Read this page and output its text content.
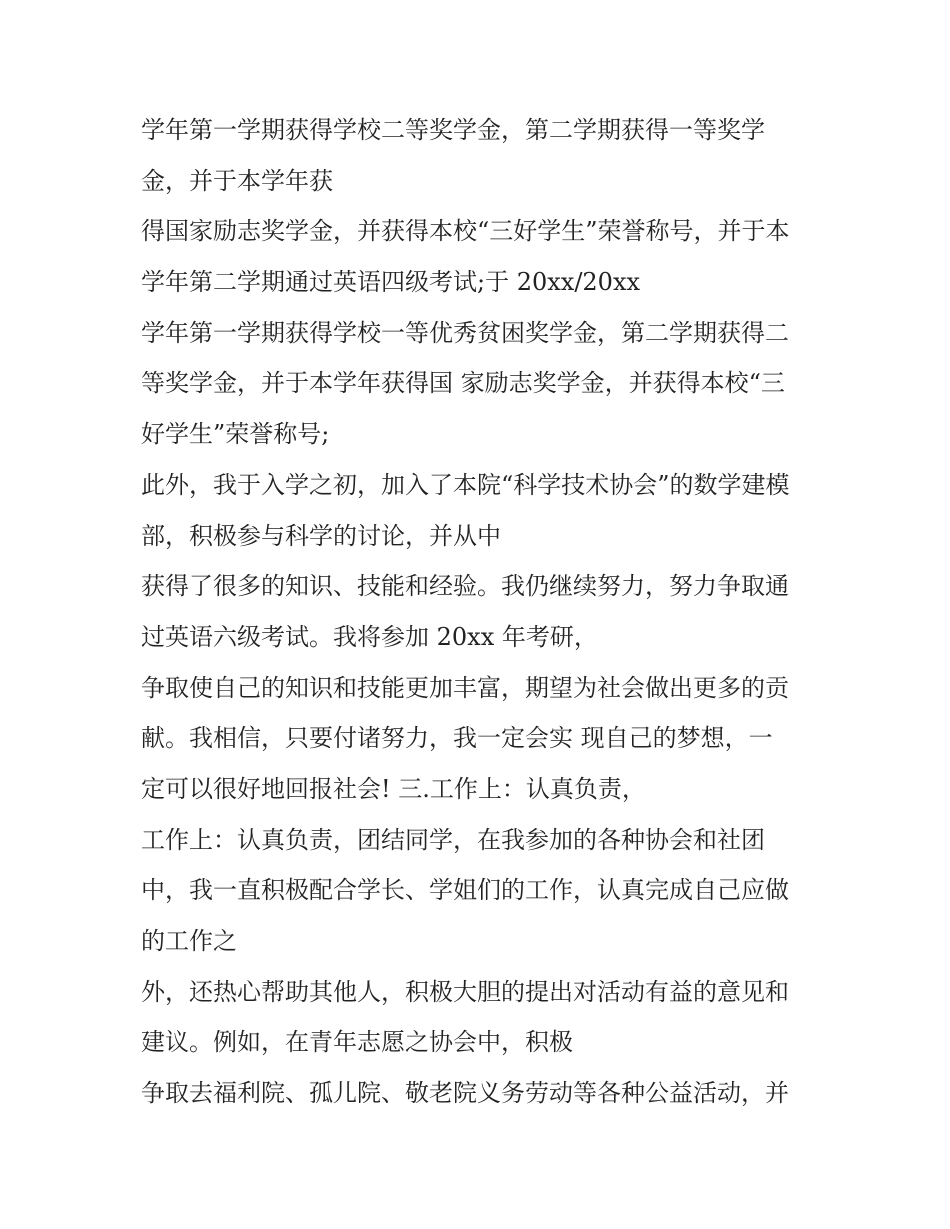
学年第一学期获得学校二等奖学金，第二学期获得一等奖学
金，并于本学年获
得国家励志奖学金，并获得本校“三好学生”荣誉称号，并于本
学年第二学期通过英语四级考试;于 20xx/20xx
学年第一学期获得学校一等优秀贫困奖学金，第二学期获得二
等奖学金，并于本学年获得国 家励志奖学金，并获得本校“三
好学生”荣誉称号;
此外，我于入学之初，加入了本院“科学技术协会”的数学建模
部，积极参与科学的讨论，并从中
获得了很多的知识、技能和经验。我仍继续努力，努力争取通
过英语六级考试。我将参加 20xx 年考研，
争取使自己的知识和技能更加丰富，期望为社会做出更多的贡
献。我相信，只要付诸努力，我一定会实 现自己的梦想，一
定可以很好地回报社会! 三.工作上：认真负责，
工作上：认真负责，团结同学，在我参加的各种协会和社团
中，我一直积极配合学长、学姐们的工作，认真完成自己应做
的工作之
外，还热心帮助其他人，积极大胆的提出对活动有益的意见和
建议。例如，在青年志愿之协会中，积极
争取去福利院、孤儿院、敬老院义务劳动等各种公益活动，并
